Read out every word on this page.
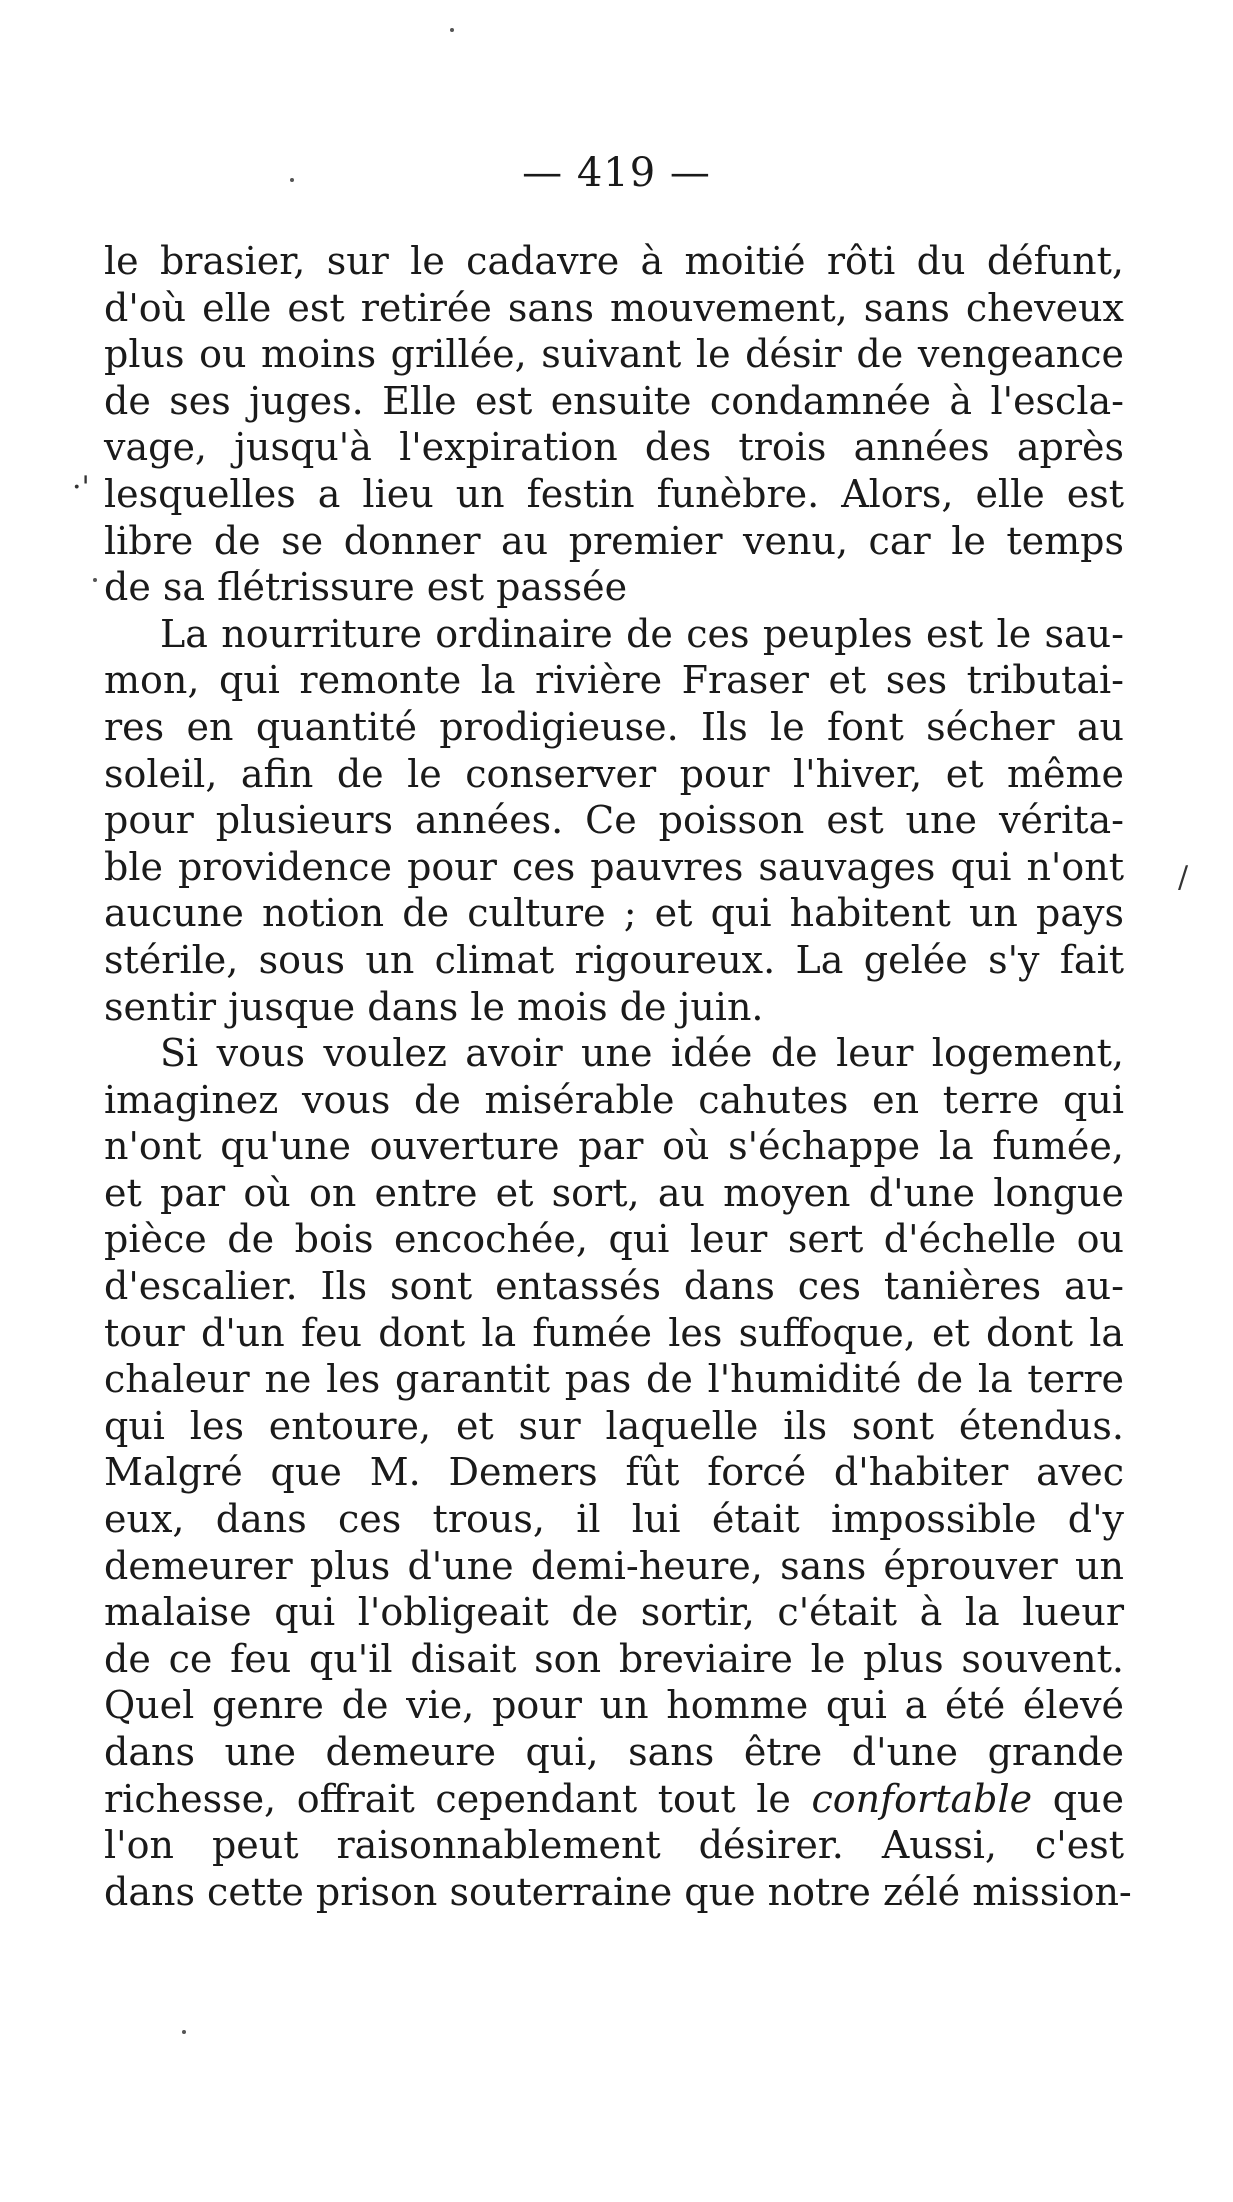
— 419 —
·'
/
le brasier, sur le cadavre à moitié rôti du défunt,
d'où elle est retirée sans mouvement, sans cheveux
plus ou moins grillée, suivant le désir de vengeance
de ses juges. Elle est ensuite condamnée à l'escla-
vage, jusqu'à l'expiration des trois années après
lesquelles a lieu un festin funèbre. Alors, elle est
libre de se donner au premier venu, car le temps
de sa flétrissure est passée
La nourriture ordinaire de ces peuples est le sau-
mon, qui remonte la rivière Fraser et ses tributai-
res en quantité prodigieuse. Ils le font sécher au
soleil, afin de le conserver pour l'hiver, et même
pour plusieurs années. Ce poisson est une vérita-
ble providence pour ces pauvres sauvages qui n'ont
aucune notion de culture ; et qui habitent un pays
stérile, sous un climat rigoureux. La gelée s'y fait
sentir jusque dans le mois de juin.
Si vous voulez avoir une idée de leur logement,
imaginez vous de misérable cahutes en terre qui
n'ont qu'une ouverture par où s'échappe la fumée,
et par où on entre et sort, au moyen d'une longue
pièce de bois encochée, qui leur sert d'échelle ou
d'escalier. Ils sont entassés dans ces tanières au-
tour d'un feu dont la fumée les suffoque, et dont la
chaleur ne les garantit pas de l'humidité de la terre
qui les entoure, et sur laquelle ils sont étendus.
Malgré que M. Demers fût forcé d'habiter avec
eux, dans ces trous, il lui était impossible d'y
demeurer plus d'une demi-heure, sans éprouver un
malaise qui l'obligeait de sortir, c'était à la lueur
de ce feu qu'il disait son breviaire le plus souvent.
Quel genre de vie, pour un homme qui a été élevé
dans une demeure qui, sans être d'une grande
richesse, offrait cependant tout le confortable que
l'on peut raisonnablement désirer. Aussi, c'est
dans cette prison souterraine que notre zélé mission-
